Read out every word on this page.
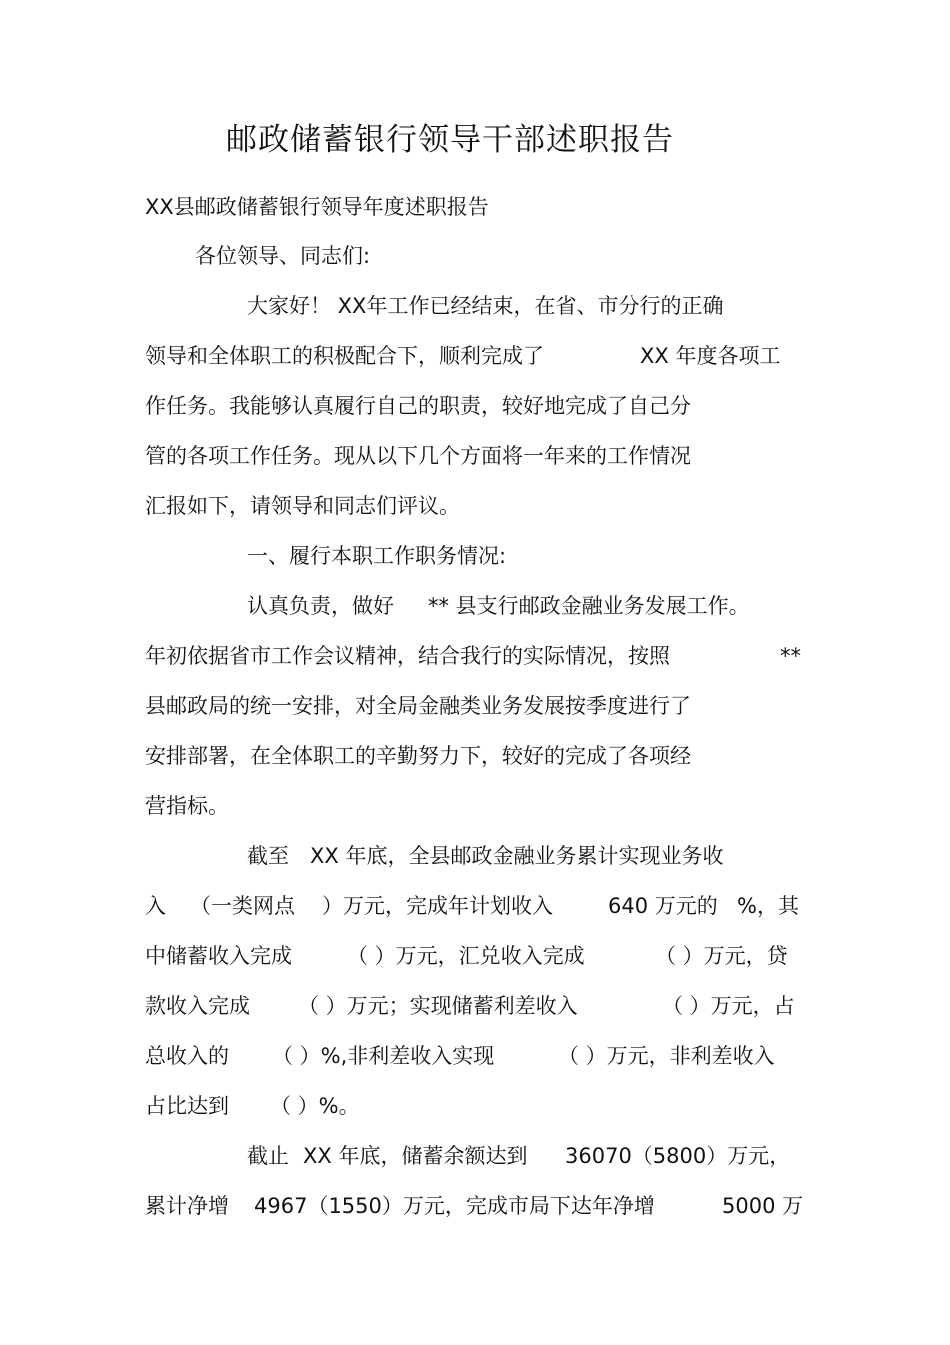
邮政储蓄银行领导干部述职报告
XX县邮政储蓄银行领导年度述职报告
各位领导、同志们:
大家好！ XX年工作已经结束，在省、市分行的正确
领导和全体职工的积极配合下，顺利完成了	XX 年度各项工
作任务。我能够认真履行自己的职责，较好地完成了自己分
管的各项工作任务。现从以下几个方面将一年来的工作情况
汇报如下，请领导和同志们评议。
一、履行本职工作职务情况:
认真负责，做好 ** 县支行邮政金融业务发展工作。
年初依据省市工作会议精神，结合我行的实际情况，按照	**
县邮政局的统一安排，对全局金融类业务发展按季度进行了
安排部署，在全体职工的辛勤努力下，较好的完成了各项经
营指标。
截至 XX 年底，全县邮政金融业务累计实现业务收
入 （一类网点 ）万元，完成年计划收入	640 万元的 %，其
中储蓄收入完成	（ ）万元，汇兑收入完成	（ ）万元，贷
款收入完成 （ ）万元；实现储蓄利差收入	（ ）万元，占
总收入的 （ ）%,非利差收入实现	（ ）万元，非利差收入
占比达到 （ ）%。
截止 XX 年底，储蓄余额达到 36070（5800）万元，
累计净增 4967（1550）万元，完成市局下达年净增	5000 万
